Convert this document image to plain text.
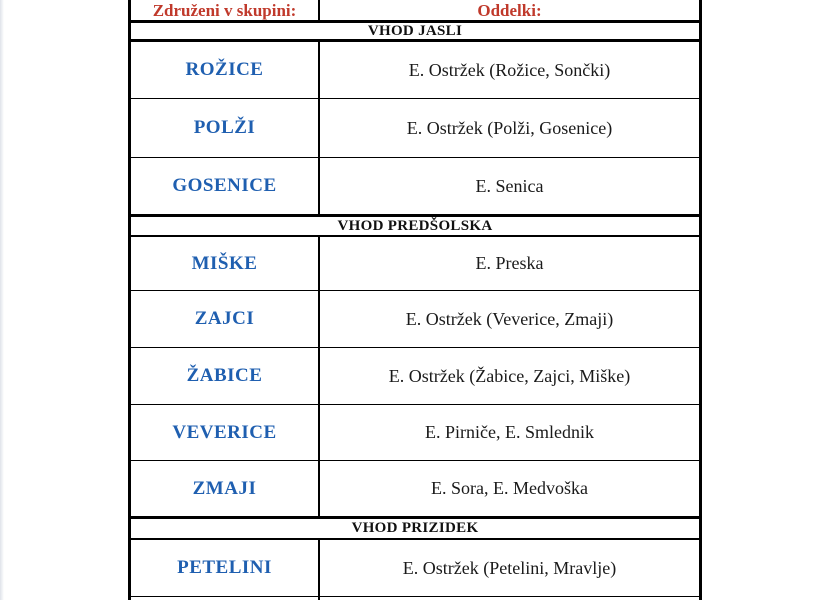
Združeni v skupini:	Oddelki:
VHOD JASLI
ROŽICE	E. Ostržek (Rožice, Sončki)
POLŽI	E. Ostržek (Polži, Gosenice)
GOSENICE	E. Senica
VHOD PREDŠOLSKA
MIŠKE	E. Preska
ZAJCI	E. Ostržek (Veverice, Zmaji)
ŽABICE	E. Ostržek (Žabice, Zajci, Miške)
VEVERICE	E. Pirniče, E. Smlednik
ZMAJI	E. Sora, E. Medvoška
VHOD PRIZIDEK
PETELINI	E. Ostržek (Petelini, Mravlje)
